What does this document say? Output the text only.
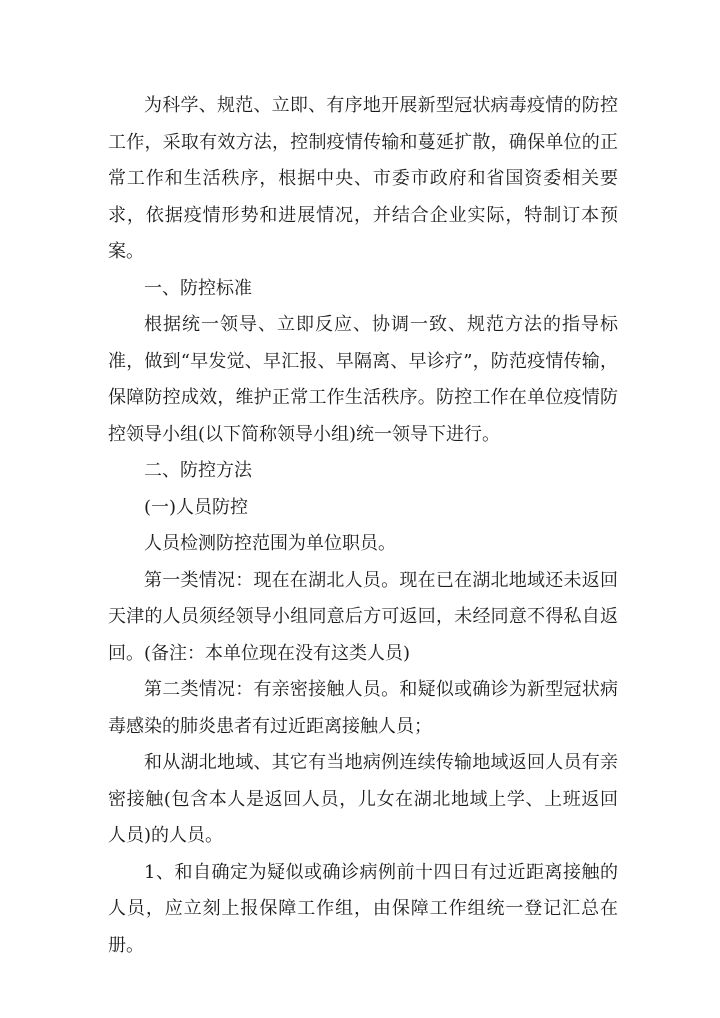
为科学、规范、立即、有序地开展新型冠状病毒疫情的防控工作，采取有效方法，控制疫情传输和蔓延扩散，确保单位的正常工作和生活秩序，根据中央、市委市政府和省国资委相关要求，依据疫情形势和进展情况，并结合企业实际，特制订本预案。

一、防控标准

根据统一领导、立即反应、协调一致、规范方法的指导标准，做到“早发觉、早汇报、早隔离、早诊疗”，防范疫情传输，保障防控成效，维护正常工作生活秩序。防控工作在单位疫情防控领导小组(以下简称领导小组)统一领导下进行。

二、防控方法

(一)人员防控

人员检测防控范围为单位职员。

第一类情况：现在在湖北人员。现在已在湖北地域还未返回天津的人员须经领导小组同意后方可返回，未经同意不得私自返回。(备注：本单位现在没有这类人员)

第二类情况：有亲密接触人员。和疑似或确诊为新型冠状病毒感染的肺炎患者有过近距离接触人员；

和从湖北地域、其它有当地病例连续传输地域返回人员有亲密接触(包含本人是返回人员，儿女在湖北地域上学、上班返回人员)的人员。

1、和自确定为疑似或确诊病例前十四日有过近距离接触的人员，应立刻上报保障工作组，由保障工作组统一登记汇总在册。
